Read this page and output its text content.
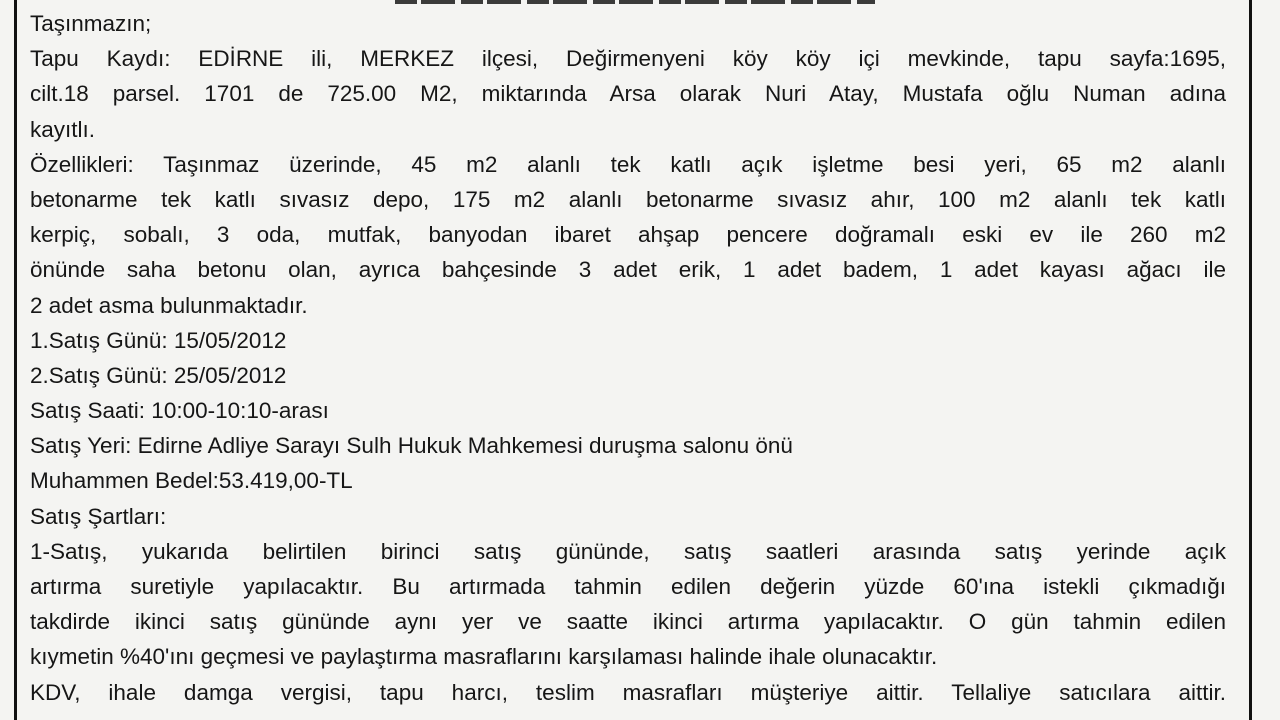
Taşınmazın;
Tapu Kaydı: EDİRNE ili, MERKEZ ilçesi, Değirmenyeni köy köy içi mevkinde, tapu sayfa:1695,
cilt.18 parsel. 1701 de 725.00 M2, miktarında Arsa olarak Nuri Atay, Mustafa oğlu Numan adına
kayıtlı.
Özellikleri: Taşınmaz üzerinde, 45 m2 alanlı tek katlı açık işletme besi yeri, 65 m2 alanlı
betonarme tek katlı sıvasız depo, 175 m2 alanlı betonarme sıvasız ahır, 100 m2 alanlı tek katlı
kerpiç, sobalı, 3 oda, mutfak, banyodan ibaret ahşap pencere doğramalı eski ev ile 260 m2
önünde saha betonu olan, ayrıca bahçesinde 3 adet erik, 1 adet badem, 1 adet kayası ağacı ile
2 adet asma bulunmaktadır.
1.Satış Günü: 15/05/2012
2.Satış Günü: 25/05/2012
Satış Saati: 10:00-10:10-arası
Satış Yeri: Edirne Adliye Sarayı Sulh Hukuk Mahkemesi duruşma salonu önü
Muhammen Bedel:53.419,00-TL
Satış Şartları:
1-Satış, yukarıda belirtilen birinci satış gününde, satış saatleri arasında satış yerinde açık
artırma suretiyle yapılacaktır. Bu artırmada tahmin edilen değerin yüzde 60'ına istekli çıkmadığı
takdirde ikinci satış gününde aynı yer ve saatte ikinci artırma yapılacaktır. O gün tahmin edilen
kıymetin %40'ını geçmesi ve paylaştırma masraflarını karşılaması halinde ihale olunacaktır.
KDV, ihale damga vergisi, tapu harcı, teslim masrafları müşteriye aittir. Tellaliye satıcılara aittir.
